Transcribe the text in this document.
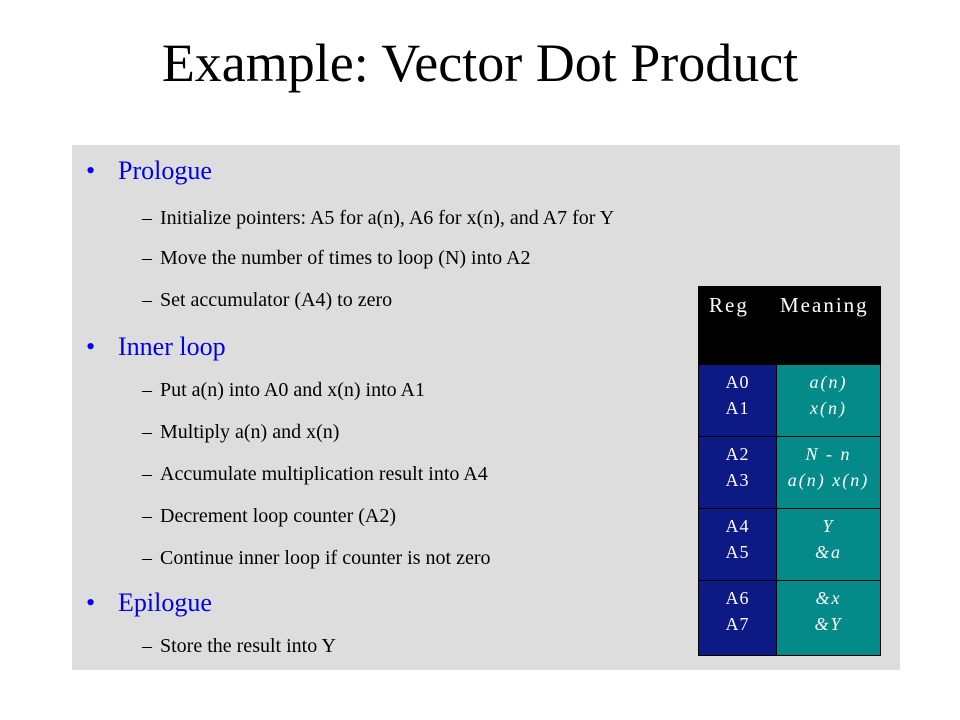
Example: Vector Dot Product
• Prologue
– Initialize pointers: A5 for a(n), A6 for x(n), and A7 for Y
– Move the number of times to loop (N) into A2
– Set accumulator (A4) to zero
• Inner loop
– Put a(n) into A0 and x(n) into A1
– Multiply a(n) and x(n)
– Accumulate multiplication result into A4
– Decrement loop counter (A2)
– Continue inner loop if counter is not zero
• Epilogue
– Store the result into Y
Reg Meaning
A0
A1
a(n)
x(n)
A2
A3
N - n
a(n) x(n)
A4
A5
Y
&a
A6
A7
&x
&Y
